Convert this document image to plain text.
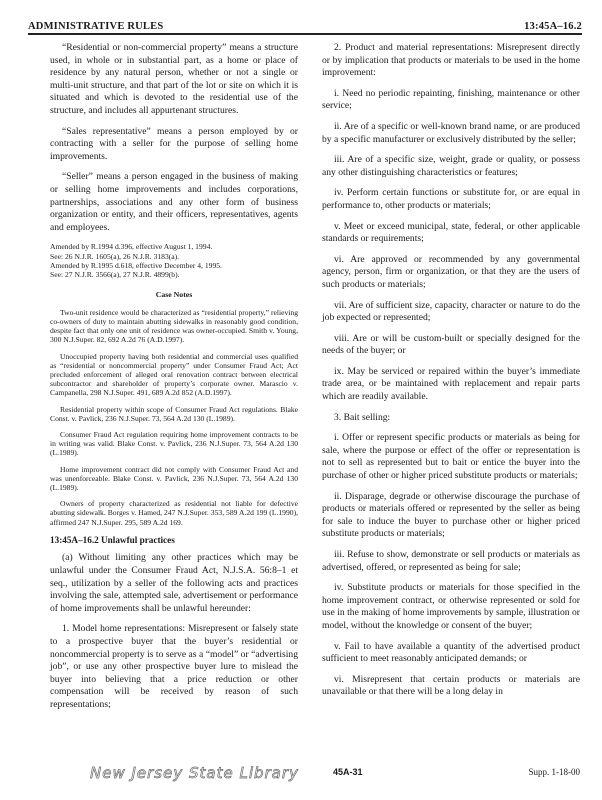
ADMINISTRATIVE RULES	13:45A–16.2

“Residential or non-commercial property” means a structure used, in whole or in substantial part, as a home or place of residence by any natural person, whether or not a single or multi-unit structure, and that part of the lot or site on which it is situated and which is devoted to the residential use of the structure, and includes all appurtenant structures.

“Sales representative” means a person employed by or contracting with a seller for the purpose of selling home improvements.

“Seller” means a person engaged in the business of making or selling home improvements and includes corporations, partnerships, associations and any other form of business organization or entity, and their officers, representatives, agents and employees.

Amended by R.1994 d.396, effective August 1, 1994.

See: 26 N.J.R. 1605(a), 26 N.J.R. 3183(a).

Amended by R.1995 d.618, effective December 4, 1995.

See: 27 N.J.R. 3566(a), 27 N.J.R. 4899(b).

Case Notes

Two-unit residence would be characterized as “residential property,” relieving co-owners of duty to maintain abutting sidewalks in reasonably good condition, despite fact that only one unit of residence was owner-occupied. Smith v. Young, 300 N.J.Super. 82, 692 A.2d 76 (A.D.1997).

Unoccupied property having both residential and commercial uses qualified as “residential or noncommercial property” under Consumer Fraud Act; Act precluded enforcement of alleged oral renovation contract between electrical subcontractor and shareholder of property’s corporate owner. Marascio v. Campanella, 298 N.J.Super. 491, 689 A.2d 852 (A.D.1997).

Residential property within scope of Consumer Fraud Act regulations. Blake Const. v. Pavlick, 236 N.J.Super. 73, 564 A.2d 130 (L.1989).

Consumer Fraud Act regulation requiring home improvement contracts to be in writing was valid. Blake Const. v. Pavlick, 236 N.J.Super. 73, 564 A.2d 130 (L.1989).

Home improvement contract did not comply with Consumer Fraud Act and was unenforceable. Blake Const. v. Pavlick, 236 N.J.Super. 73, 564 A.2d 130 (L.1989).

Owners of property characterized as residential not liable for defective abutting sidewalk. Borges v. Hamed, 247 N.J.Super. 353, 589 A.2d 199 (L.1990), affirmed 247 N.J.Super. 295, 589 A.2d 169.

13:45A–16.2 Unlawful practices

(a) Without limiting any other practices which may be unlawful under the Consumer Fraud Act, N.J.S.A. 56:8–1 et seq., utilization by a seller of the following acts and practices involving the sale, attempted sale, advertisement or performance of home improvements shall be unlawful hereunder:

1. Model home representations: Misrepresent or falsely state to a prospective buyer that the buyer’s residential or noncommercial property is to serve as a “model” or “advertising job”, or use any other prospective buyer lure to mislead the buyer into believing that a price reduction or other compensation will be received by reason of such representations;

2. Product and material representations: Misrepresent directly or by implication that products or materials to be used in the home improvement:

i. Need no periodic repainting, finishing, maintenance or other service;

ii. Are of a specific or well-known brand name, or are produced by a specific manufacturer or exclusively distributed by the seller;

iii. Are of a specific size, weight, grade or quality, or possess any other distinguishing characteristics or features;

iv. Perform certain functions or substitute for, or are equal in performance to, other products or materials;

v. Meet or exceed municipal, state, federal, or other applicable standards or requirements;

vi. Are approved or recommended by any governmental agency, person, firm or organization, or that they are the users of such products or materials;

vii. Are of sufficient size, capacity, character or nature to do the job expected or represented;

viii. Are or will be custom-built or specially designed for the needs of the buyer; or

ix. May be serviced or repaired within the buyer’s immediate trade area, or be maintained with replacement and repair parts which are readily available.

3. Bait selling:

i. Offer or represent specific products or materials as being for sale, where the purpose or effect of the offer or representation is not to sell as represented but to bait or entice the buyer into the purchase of other or higher priced substitute products or materials;

ii. Disparage, degrade or otherwise discourage the purchase of products or materials offered or represented by the seller as being for sale to induce the buyer to purchase other or higher priced substitute products or materials;

iii. Refuse to show, demonstrate or sell products or materials as advertised, offered, or represented as being for sale;

iv. Substitute products or materials for those specified in the home improvement contract, or otherwise represented or sold for use in the making of home improvements by sample, illustration or model, without the knowledge or consent of the buyer;

v. Fail to have available a quantity of the advertised product sufficient to meet reasonably anticipated demands; or

vi. Misrepresent that certain products or materials are unavailable or that there will be a long delay in

New Jersey State Library	45A-31	Supp. 1-18-00
